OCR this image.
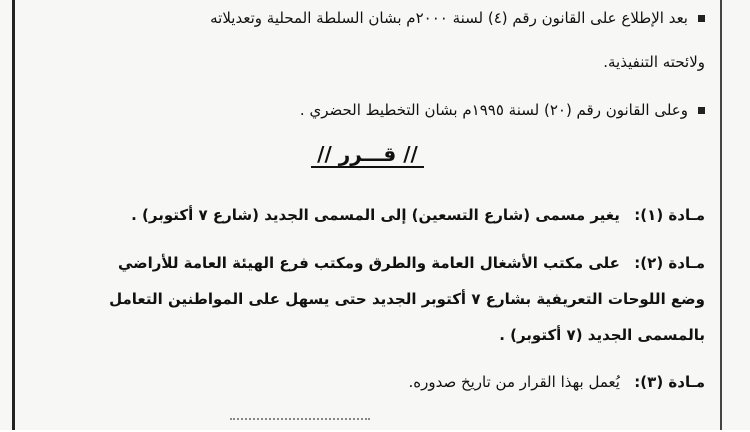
بعد الإطلاع على القانون رقم (٤) لسنة ٢٠٠٠م بشان السلطة المحلية وتعديلاته
ولائحته التنفيذية.
وعلى القانون رقم (٢٠) لسنة ١٩٩٥م بشان التخطيط الحضري .
// قـــرر //
مـادة (١): يغير مسمى (شارع التسعين) إلى المسمى الجديد (شارع ٧ أكتوبر) .
مـادة (٢): على مكتب الأشغال العامة والطرق ومكتب فرع الهيئة العامة للأراضي
وضع اللوحات التعريفية بشارع ٧ أكتوبر الجديد حتى يسهل على المواطنين التعامل
بالمسمى الجديد (٧ أكتوبر) .
مـادة (٣): يُعمل بهذا القرار من تاريخ صدوره.
